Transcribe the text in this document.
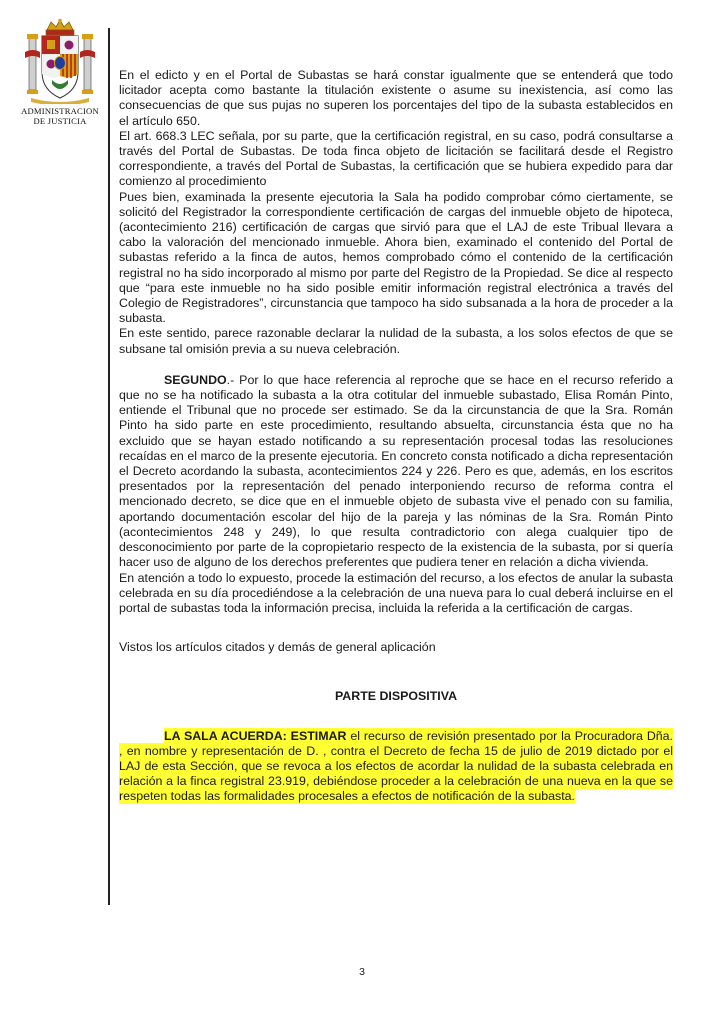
ADMINISTRACION
DE JUSTICIA

En el edicto y en el Portal de Subastas se hará constar igualmente que se entenderá que todo licitador acepta como bastante la titulación existente o asume su inexistencia, así como las consecuencias de que sus pujas no superen los porcentajes del tipo de la subasta establecidos en el artículo 650.

El art. 668.3 LEC señala, por su parte, que la certificación registral, en su caso, podrá consultarse a través del Portal de Subastas. De toda finca objeto de licitación se facilitará desde el Registro correspondiente, a través del Portal de Subastas, la certificación que se hubiera expedido para dar comienzo al procedimiento

Pues bien, examinada la presente ejecutoria la Sala ha podido comprobar cómo ciertamente, se solicitó del Registrador la correspondiente certificación de cargas del inmueble objeto de hipoteca, (acontecimiento 216) certificación de cargas que sirvió para que el LAJ de este Tribual llevara a cabo la valoración del mencionado inmueble. Ahora bien, examinado el contenido del Portal de subastas referido a la finca de autos, hemos comprobado cómo el contenido de la certificación registral no ha sido incorporado al mismo por parte del Registro de la Propiedad. Se dice al respecto que “para este inmueble no ha sido posible emitir información registral electrónica a través del Colegio de Registradores”, circunstancia que tampoco ha sido subsanada a la hora de proceder a la subasta.

En este sentido, parece razonable declarar la nulidad de la subasta, a los solos efectos de que se subsane tal omisión previa a su nueva celebración.

SEGUNDO.- Por lo que hace referencia al reproche que se hace en el recurso referido a que no se ha notificado la subasta a la otra cotitular del inmueble subastado, Elisa Román Pinto, entiende el Tribunal que no procede ser estimado. Se da la circunstancia de que la Sra. Román Pinto ha sido parte en este procedimiento, resultando absuelta, circunstancia ésta que no ha excluido que se hayan estado notificando a su representación procesal todas las resoluciones recaídas en el marco de la presente ejecutoria. En concreto consta notificado a dicha representación el Decreto acordando la subasta, acontecimientos 224 y 226. Pero es que, además, en los escritos presentados por la representación del penado interponiendo recurso de reforma contra el mencionado decreto, se dice que en el inmueble objeto de subasta vive el penado con su familia, aportando documentación escolar del hijo de la pareja y las nóminas de la Sra. Román Pinto (acontecimientos 248 y 249), lo que resulta contradictorio con alega cualquier tipo de desconocimiento por parte de la copropietario respecto de la existencia de la subasta, por si quería hacer uso de alguno de los derechos preferentes que pudiera tener en relación a dicha vivienda.

En atención a todo lo expuesto, procede la estimación del recurso, a los efectos de anular la subasta celebrada en su día procediéndose a la celebración de una nueva para lo cual deberá incluirse en el portal de subastas toda la información precisa, incluida la referida a la certificación de cargas.

Vistos los artículos citados y demás de general aplicación

PARTE DISPOSITIVA

LA SALA ACUERDA: ESTIMAR el recurso de revisión presentado por la Procuradora Dña. , en nombre y representación de D. , contra el Decreto de fecha 15 de julio de 2019 dictado por el LAJ de esta Sección, que se revoca a los efectos de acordar la nulidad de la subasta celebrada en relación a la finca registral 23.919, debiéndose proceder a la celebración de una nueva en la que se respeten todas las formalidades procesales a efectos de notificación de la subasta.

3
